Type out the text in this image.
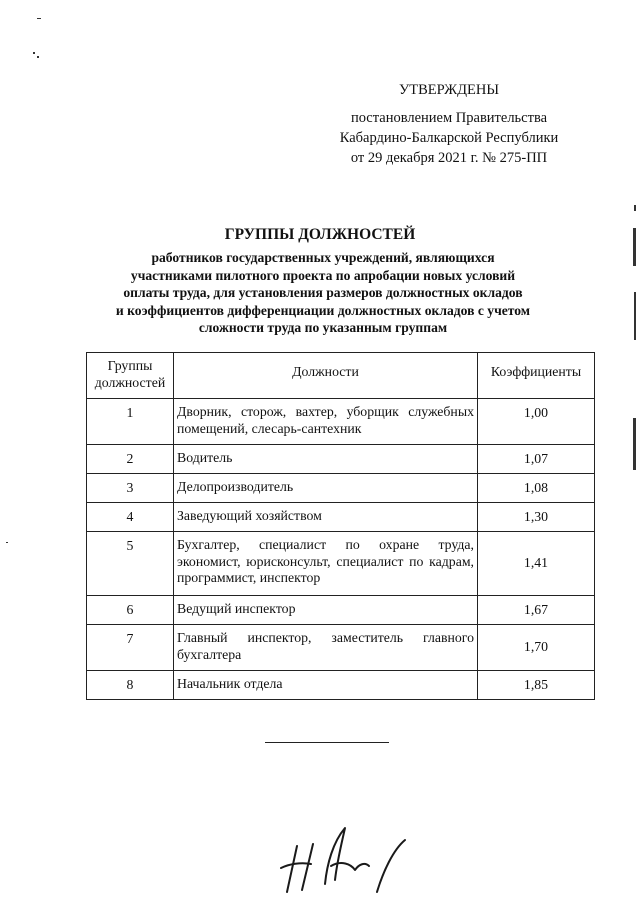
УТВЕРЖДЕНЫ
постановлением Правительства
Кабардино-Балкарской Республики
от 29 декабря 2021 г. № 275-ПП
ГРУППЫ ДОЛЖНОСТЕЙ
работников государственных учреждений, являющихся
участниками пилотного проекта по апробации новых условий
оплаты труда, для установления размеров должностных окладов
и коэффициентов дифференциации должностных окладов с учетом
сложности труда по указанным группам
Группы
должностей	Должности	Коэффициенты
1	Дворник, сторож, вахтер, уборщик служебных помещений, слесарь-сантехник	1,00
2	Водитель	1,07
3	Делопроизводитель	1,08
4	Заведующий хозяйством	1,30
5	Бухгалтер, специалист по охране труда, экономист, юрисконсульт, специалист по кадрам, программист, инспектор	1,41
6	Ведущий инспектор	1,67
7	Главный инспектор, заместитель главного бухгалтера	1,70
8	Начальник отдела	1,85
